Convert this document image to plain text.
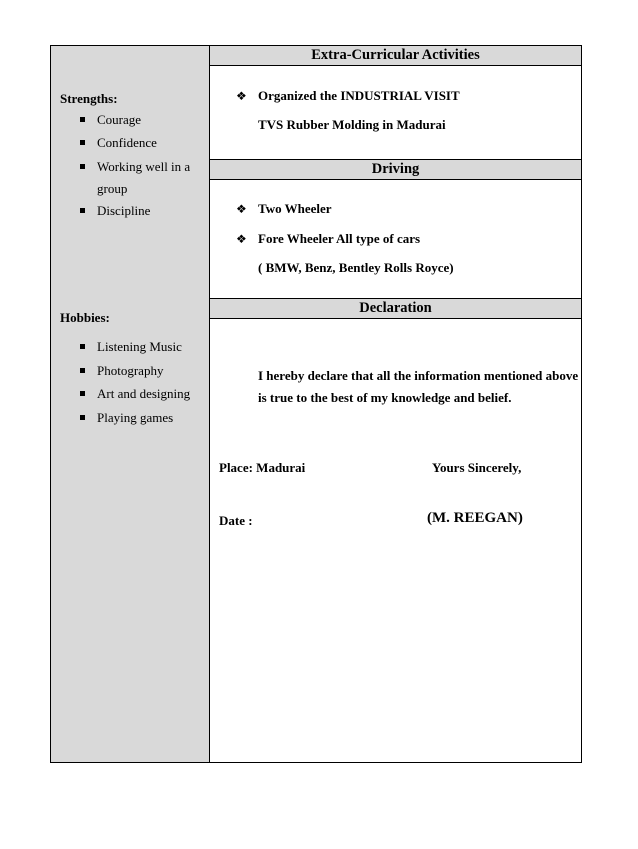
Strengths:
Courage
Confidence
Working well in a
group
Discipline
Hobbies:
Listening Music
Photography
Art and designing
Playing games
Extra-Curricular Activities
❖ Organized the INDUSTRIAL VISIT
TVS Rubber Molding in Madurai
Driving
❖ Two Wheeler
❖ Fore Wheeler All type of cars
( BMW, Benz, Bentley Rolls Royce)
Declaration
I hereby declare that all the information mentioned above
is true to the best of my knowledge and belief.
Place: Madurai	Yours Sincerely,
Date :	(M. REEGAN)
